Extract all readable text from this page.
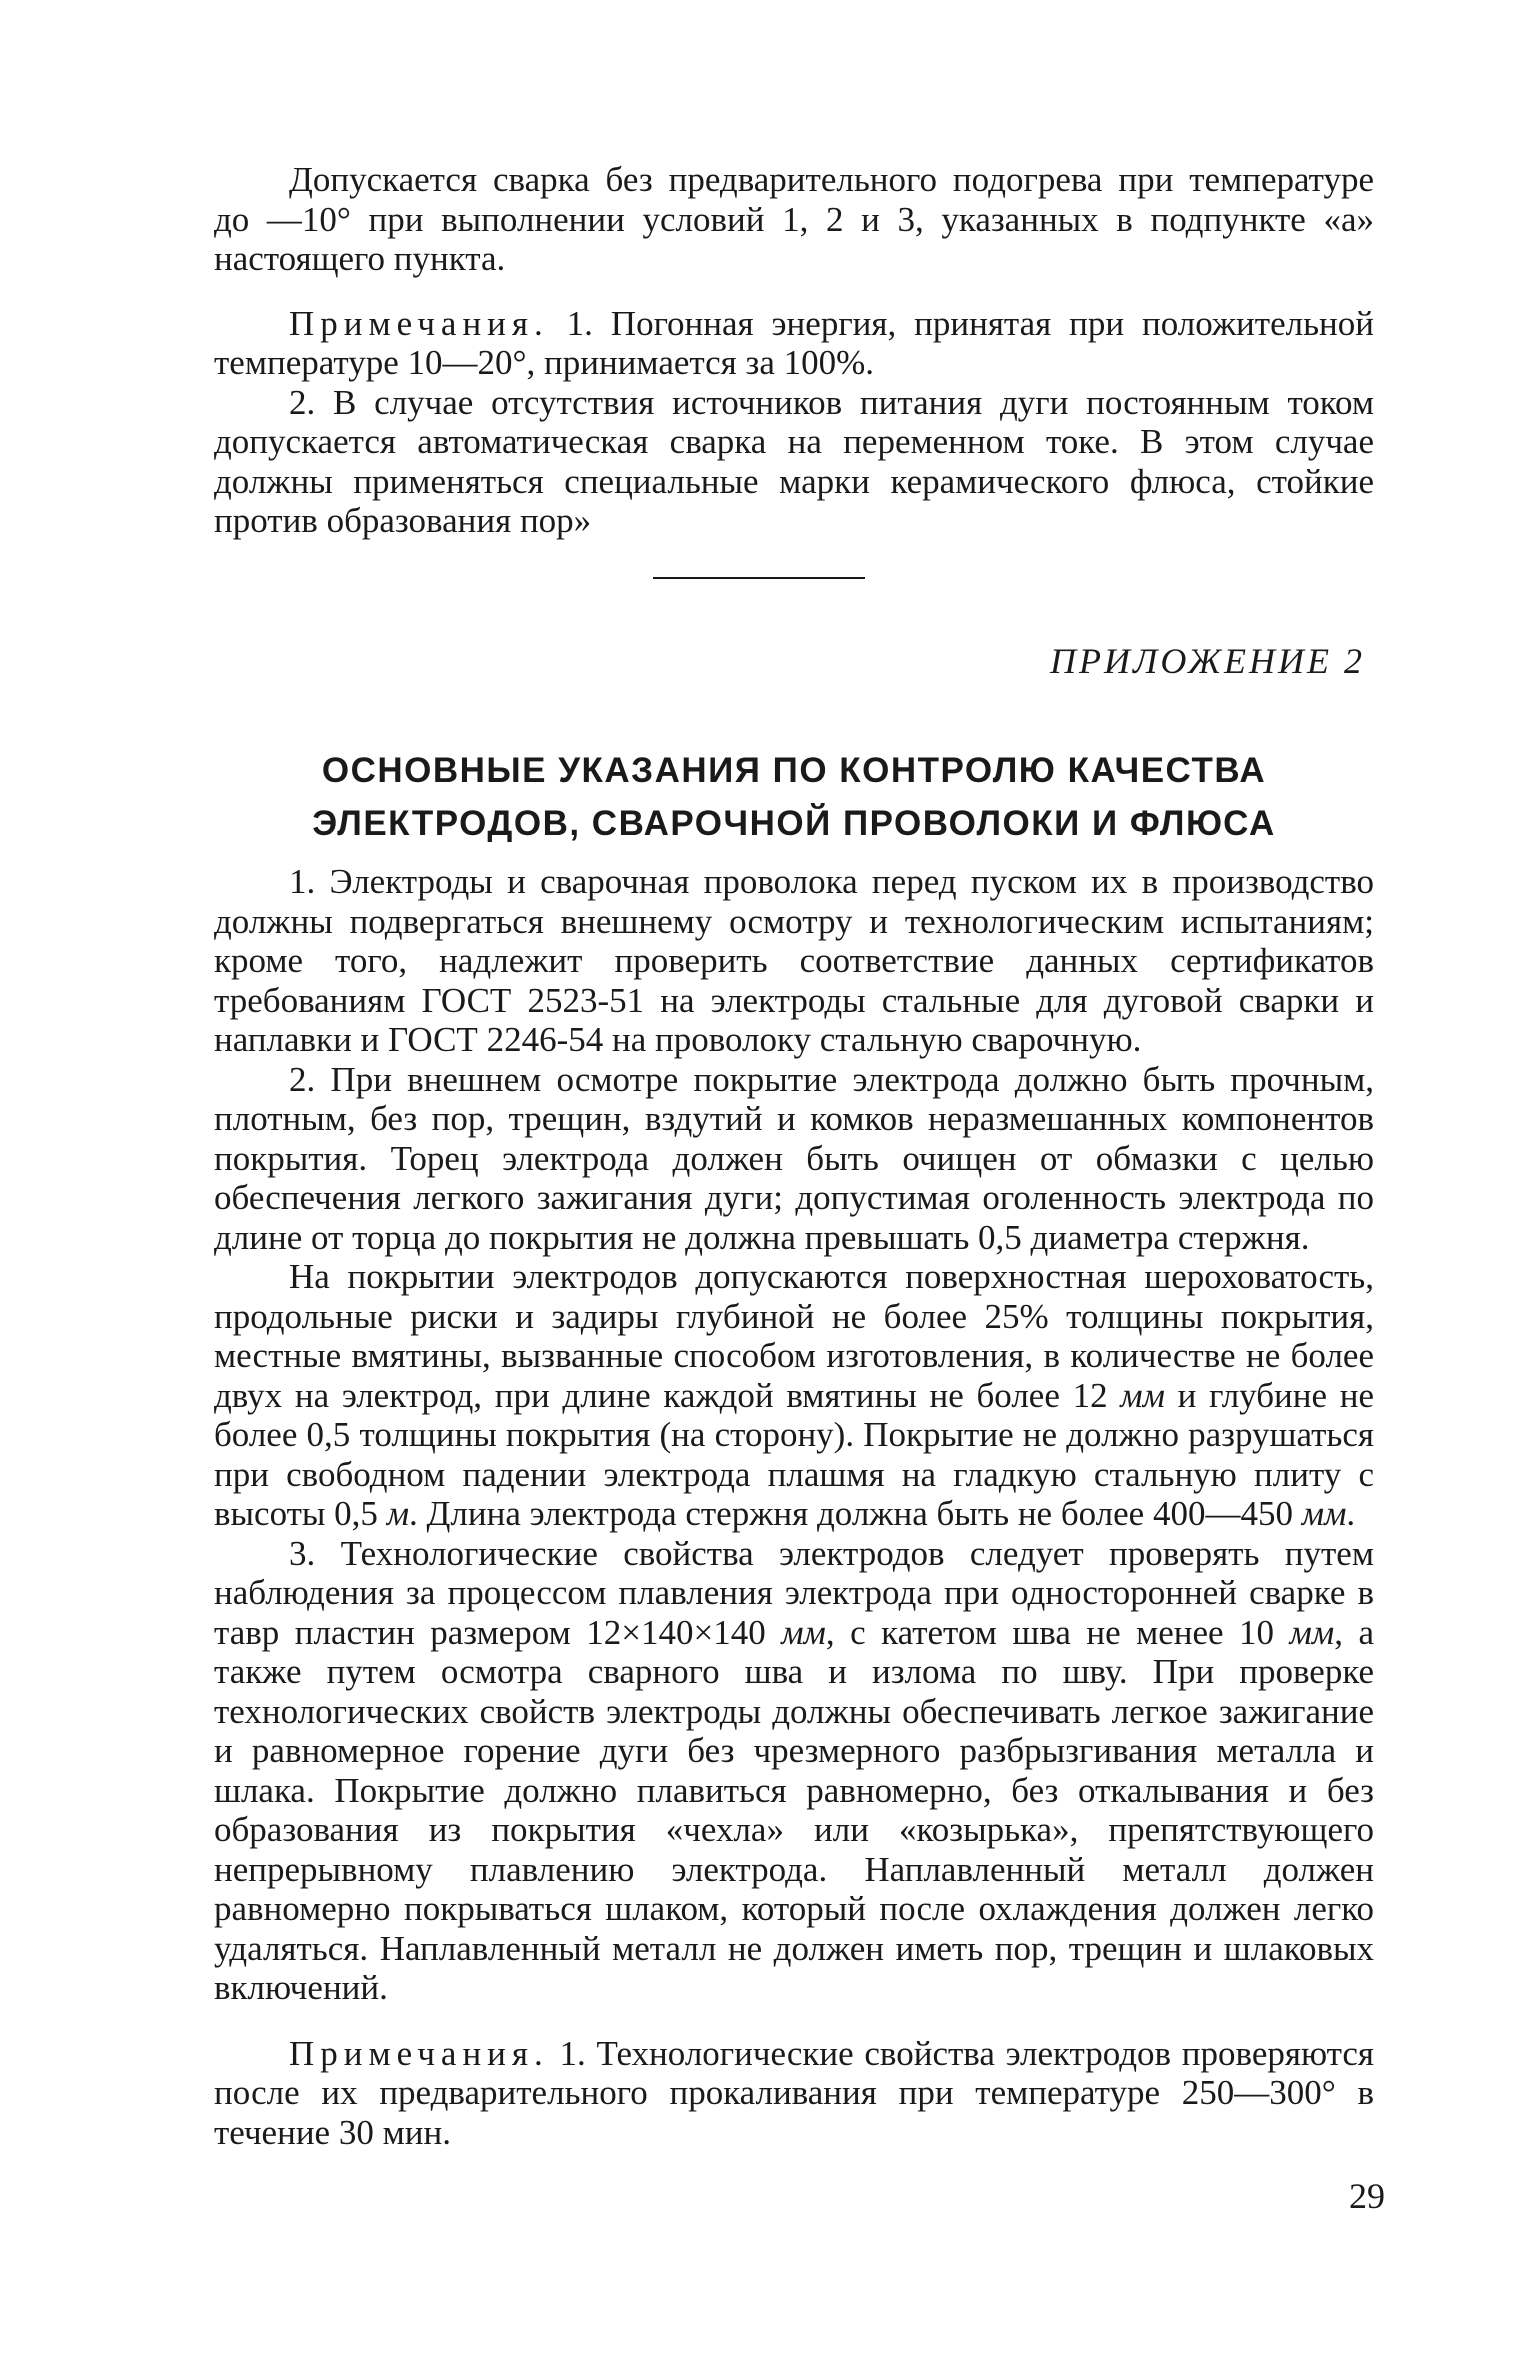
Допускается сварка без предварительного подогрева при температуре до —10° при выполнении условий 1, 2 и 3, указанных в подпункте «а» настоящего пункта.

Примечания. 1. Погонная энергия, принятая при положительной температуре 10—20°, принимается за 100%.

2. В случае отсутствия источников питания дуги постоянным током допускается автоматическая сварка на переменном токе. В этом случае должны применяться специальные марки керамического флюса, стойкие против образования пор»

ПРИЛОЖЕНИЕ 2
ОСНОВНЫЕ УКАЗАНИЯ ПО КОНТРОЛЮ КАЧЕСТВА
ЭЛЕКТРОДОВ, СВАРОЧНОЙ ПРОВОЛОКИ И ФЛЮСА

1. Электроды и сварочная проволока перед пуском их в производство должны подвергаться внешнему осмотру и технологическим испытаниям; кроме того, надлежит проверить соответствие данных сертификатов требованиям ГОСТ 2523-51 на электроды стальные для дуговой сварки и наплавки и ГОСТ 2246-54 на проволоку стальную сварочную.

2. При внешнем осмотре покрытие электрода должно быть прочным, плотным, без пор, трещин, вздутий и комков неразмешанных компонентов покрытия. Торец электрода должен быть очищен от обмазки с целью обеспечения легкого зажигания дуги; допустимая оголенность электрода по длине от торца до покрытия не должна превышать 0,5 диаметра стержня.

На покрытии электродов допускаются поверхностная шероховатость, продольные риски и задиры глубиной не более 25% толщины покрытия, местные вмятины, вызванные способом изготовления, в количестве не более двух на электрод, при длине каждой вмятины не более 12 мм и глубине не более 0,5 толщины покрытия (на сторону). Покрытие не должно разрушаться при свободном падении электрода плашмя на гладкую стальную плиту с высоты 0,5 м. Длина электрода стержня должна быть не более 400—450 мм.

3. Технологические свойства электродов следует проверять путем наблюдения за процессом плавления электрода при односторонней сварке в тавр пластин размером 12×140×140 мм, с катетом шва не менее 10 мм, а также путем осмотра сварного шва и излома по шву. При проверке технологических свойств электроды должны обеспечивать легкое зажигание и равномерное горение дуги без чрезмерного разбрызгивания металла и шлака. Покрытие должно плавиться равномерно, без откалывания и без образования из покрытия «чехла» или «козырька», препятствующего непрерывному плавлению электрода. Наплавленный металл должен равномерно покрываться шлаком, который после охлаждения должен легко удаляться. Наплавленный металл не должен иметь пор, трещин и шлаковых включений.

Примечания. 1. Технологические свойства электродов проверяются после их предварительного прокаливания при температуре 250—300° в течение 30 мин.

29
